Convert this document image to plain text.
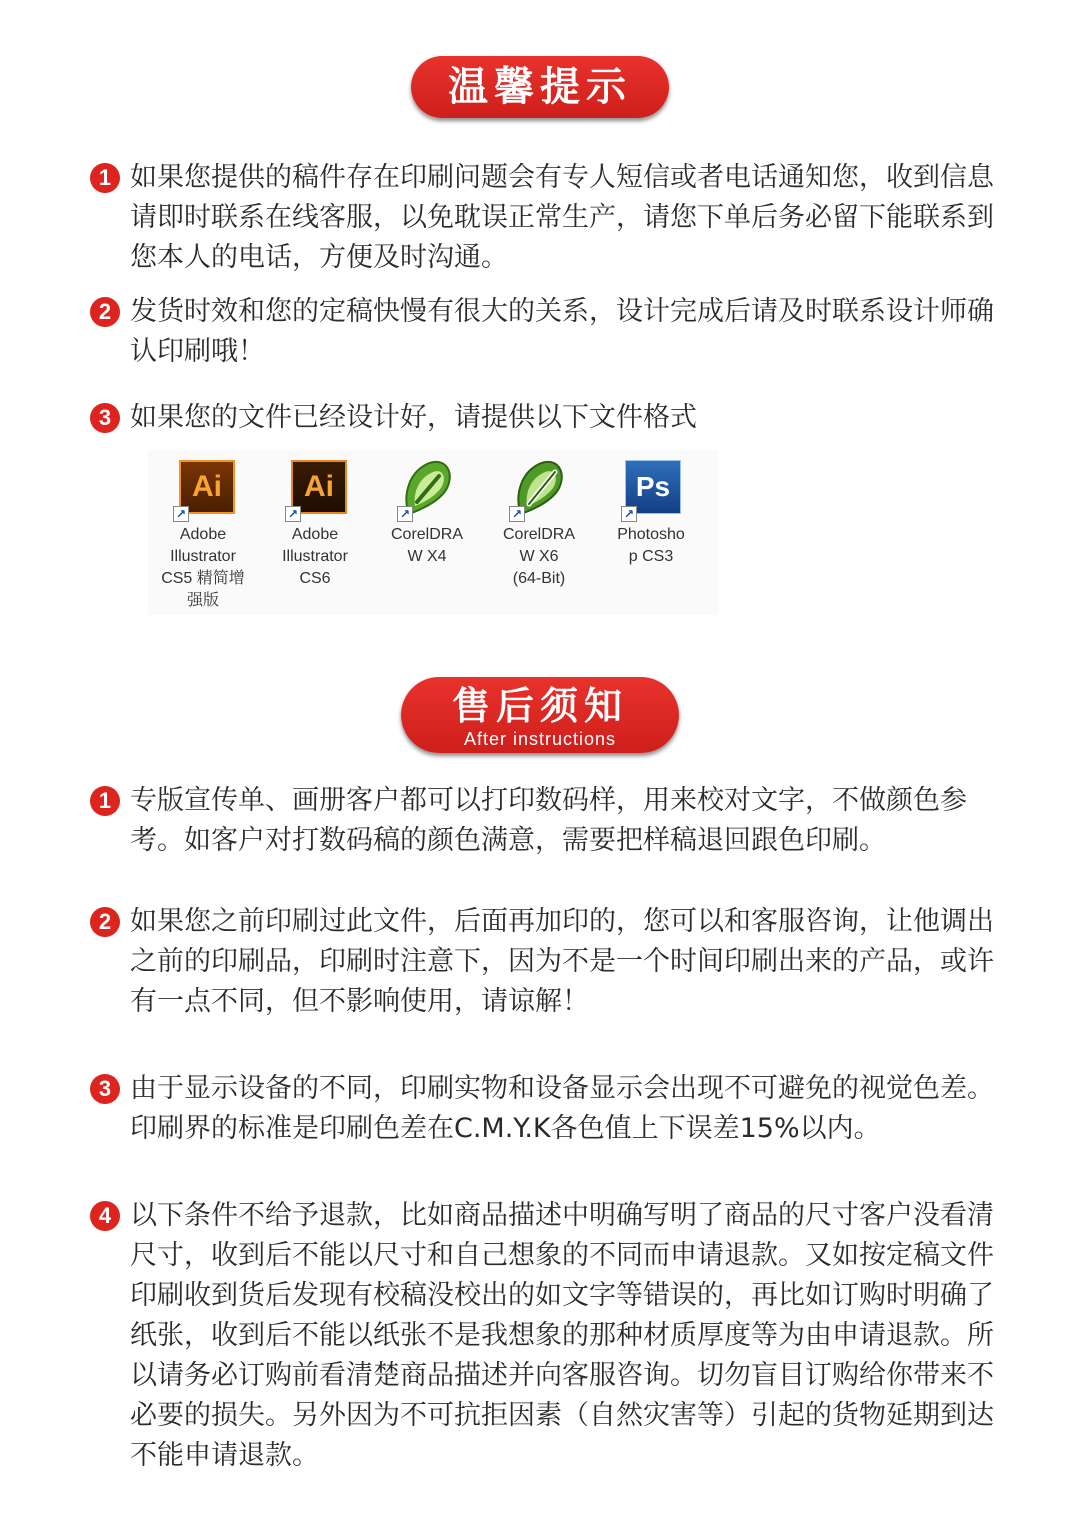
温馨提示
1 如果您提供的稿件存在印刷问题会有专人短信或者电话通知您，收到信息请即时联系在线客服，以免耽误正常生产，请您下单后务必留下能联系到您本人的电话，方便及时沟通。
2 发货时效和您的定稿快慢有很大的关系，设计完成后请及时联系设计师确认印刷哦！
3 如果您的文件已经设计好，请提供以下文件格式
Ai
↗
Adobe
Illustrator
CS5 精简增
强版
Ai
↗
Adobe
Illustrator
CS6
↗
CorelDRA
W X4
↗
CorelDRA
W X6
(64-Bit)
Ps
↗
Photosho
p CS3
售后须知
After instructions
1 专版宣传单、画册客户都可以打印数码样，用来校对文字，不做颜色参考。如客户对打数码稿的颜色满意，需要把样稿退回跟色印刷。
2 如果您之前印刷过此文件，后面再加印的，您可以和客服咨询，让他调出之前的印刷品，印刷时注意下，因为不是一个时间印刷出来的产品，或许有一点不同，但不影响使用，请谅解！
3 由于显示设备的不同，印刷实物和设备显示会出现不可避免的视觉色差。印刷界的标准是印刷色差在C.M.Y.K各色值上下误差15%以内。
4 以下条件不给予退款，比如商品描述中明确写明了商品的尺寸客户没看清尺寸，收到后不能以尺寸和自己想象的不同而申请退款。又如按定稿文件印刷收到货后发现有校稿没校出的如文字等错误的，再比如订购时明确了纸张，收到后不能以纸张不是我想象的那种材质厚度等为由申请退款。所以请务必订购前看清楚商品描述并向客服咨询。切勿盲目订购给你带来不必要的损失。另外因为不可抗拒因素（自然灾害等）引起的货物延期到达不能申请退款。
